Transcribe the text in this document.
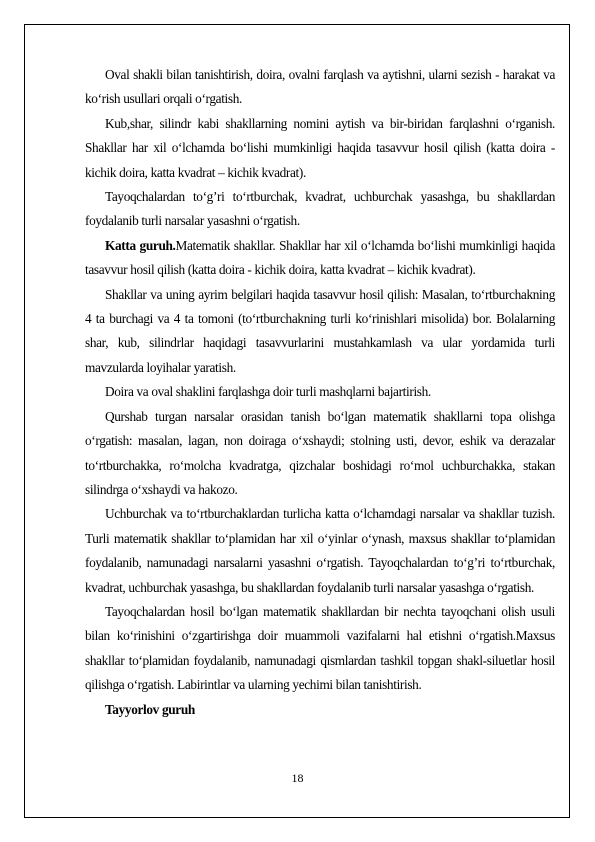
Oval shakli bilan tanishtirish, doira, ovalni farqlash va aytishni, ularni sezish - harakat va ko‘rish usullari orqali o‘rgatish.

Kub,shar, silindr kabi shakllarning nomini aytish va bir-biridan farqlashni o‘rganish. Shakllar har xil o‘lchamda bo‘lishi mumkinligi haqida tasavvur hosil qilish (katta doira - kichik doira, katta kvadrat – kichik kvadrat).

Tayoqchalardan to‘g’ri to‘rtburchak, kvadrat, uchburchak yasashga, bu shakllardan foydalanib turli narsalar yasashni o‘rgatish.

Katta guruh.Matematik shakllar. Shakllar har xil o‘lchamda bo‘lishi mumkinligi haqida tasavvur hosil qilish (katta doira - kichik doira, katta kvadrat – kichik kvadrat).

Shakllar va uning ayrim belgilari haqida tasavvur hosil qilish: Masalan, to‘rtburchakning 4 ta burchagi va 4 ta tomoni (to‘rtburchakning turli ko‘rinishlari misolida) bor. Bolalarning shar, kub, silindrlar haqidagi tasavvurlarini mustahkamlash va ular yordamida turli mavzularda loyihalar yaratish.

Doira va oval shaklini farqlashga doir turli mashqlarni bajartirish.

Qurshab turgan narsalar orasidan tanish bo‘lgan matematik shakllarni topa olishga o‘rgatish: masalan, lagan, non doiraga o‘xshaydi; stolning usti, devor, eshik va derazalar to‘rtburchakka, ro‘molcha kvadratga, qizchalar boshidagi ro‘mol uchburchakka, stakan silindrga o‘xshaydi va hakozo.

Uchburchak va to‘rtburchaklardan turlicha katta o‘lchamdagi narsalar va shakllar tuzish. Turli matematik shakllar to‘plamidan har xil o‘yinlar o‘ynash, maxsus shakllar to‘plamidan foydalanib, namunadagi narsalarni yasashni o‘rgatish. Tayoqchalardan to‘g’ri to‘rtburchak, kvadrat, uchburchak yasashga, bu shakllardan foydalanib turli narsalar yasashga o‘rgatish.

Tayoqchalardan hosil bo‘lgan matematik shakllardan bir nechta tayoqchani olish usuli bilan ko‘rinishini o‘zgartirishga doir muammoli vazifalarni hal etishni o‘rgatish.Maxsus shakllar to‘plamidan foydalanib, namunadagi qismlardan tashkil topgan shakl-siluetlar hosil qilishga o‘rgatish. Labirintlar va ularning yechimi bilan tanishtirish.

Tayyorlov guruh

18
